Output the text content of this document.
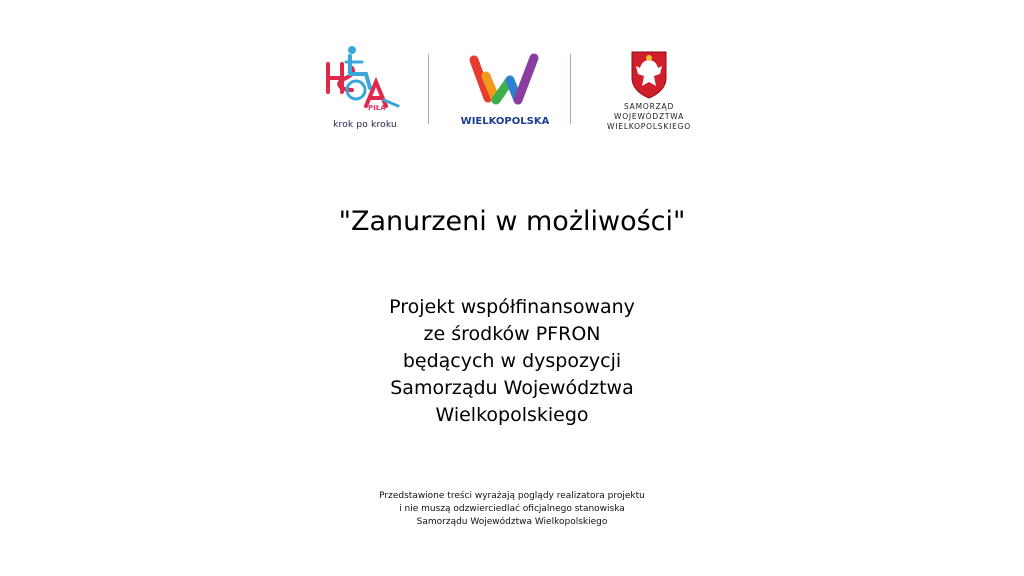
PIŁA
krok po kroku	WIELKOPOLSKA
SAMORZĄD
WOJEWÓDZTWA
WIELKOPOLSKIEGO
"Zanurzeni w możliwości"
Projekt współfinansowany
ze środków PFRON
będących w dyspozycji
Samorządu Województwa
Wielkopolskiego
Przedstawione treści wyrażają poglądy realizatora projektu
i nie muszą odzwierciedlać oficjalnego stanowiska
Samorządu Województwa Wielkopolskiego
